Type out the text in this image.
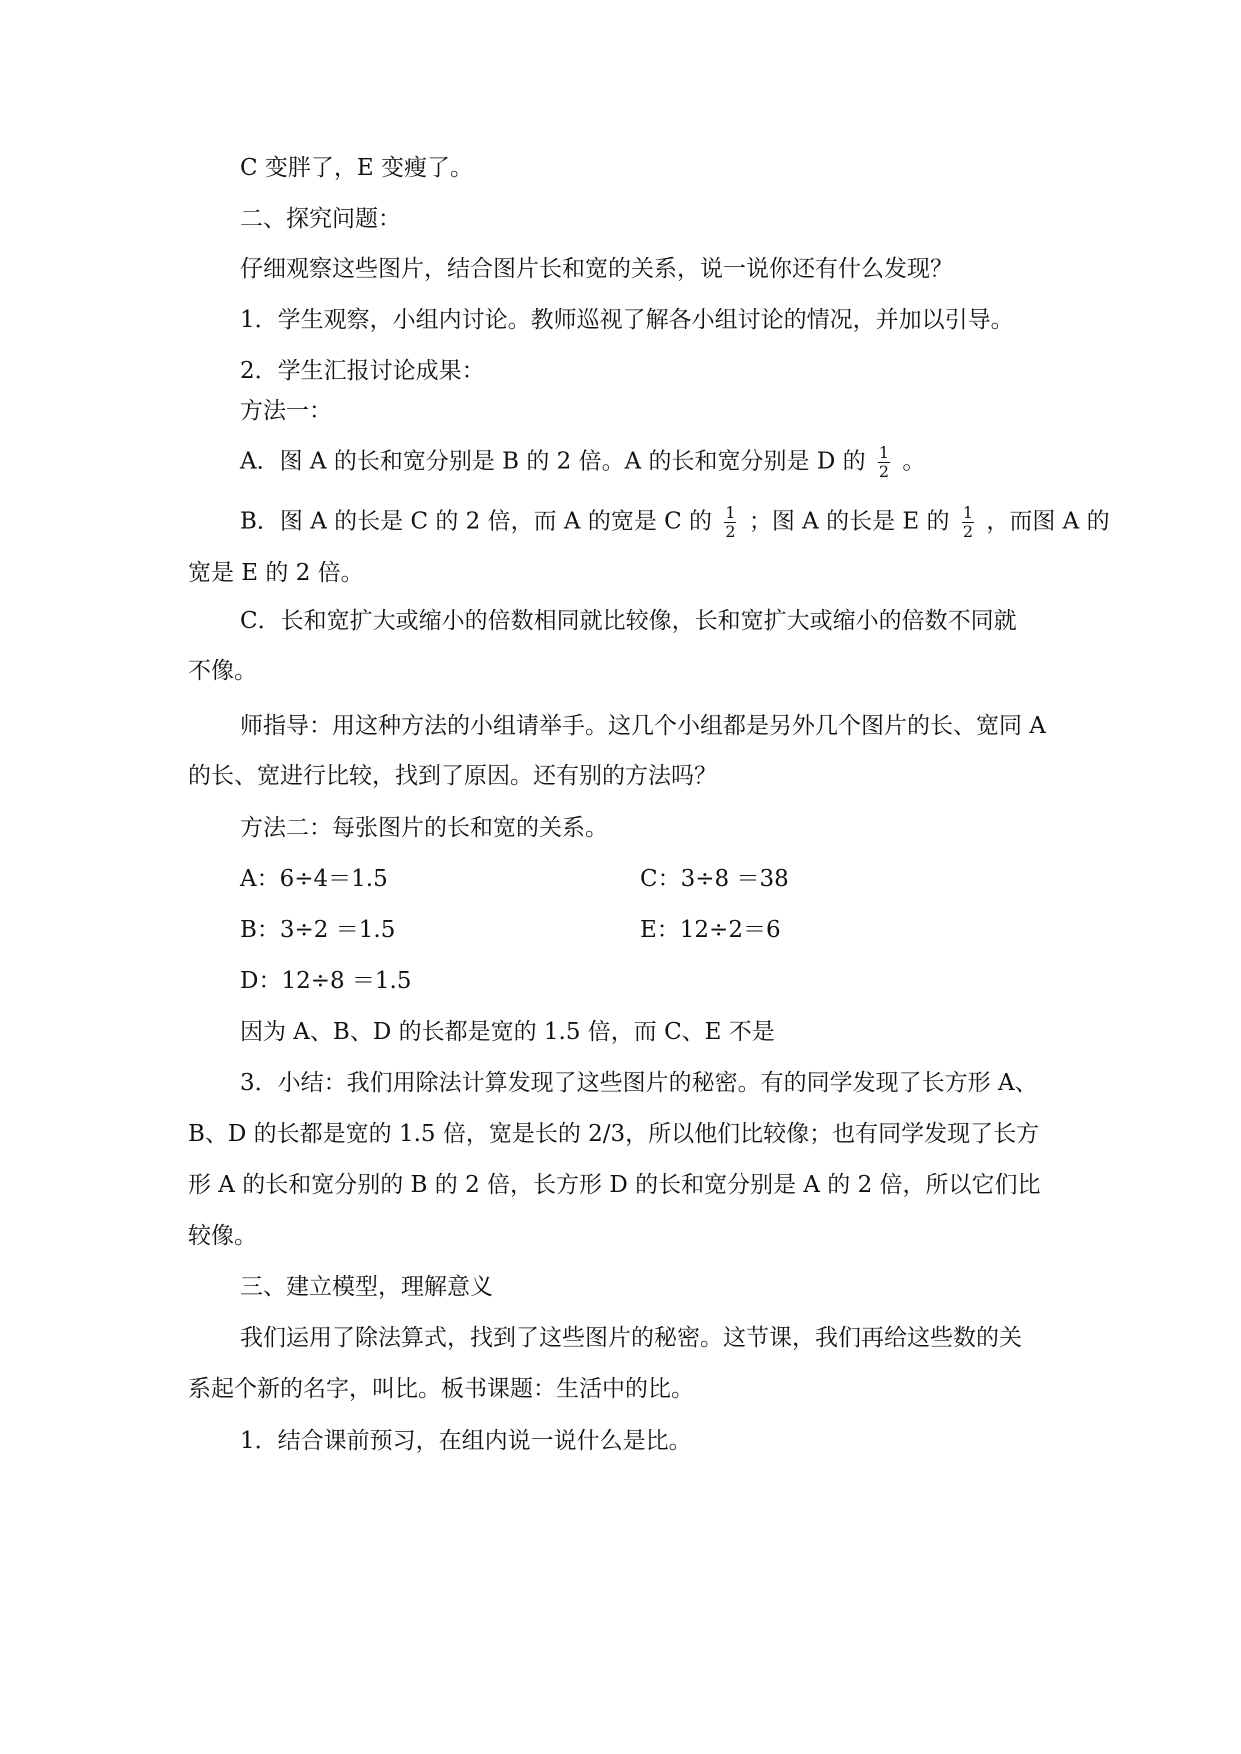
C 变胖了，E 变瘦了。
二、探究问题：
仔细观察这些图片，结合图片长和宽的关系，说一说你还有什么发现？
1．学生观察，小组内讨论。教师巡视了解各小组讨论的情况，并加以引导。
2．学生汇报讨论成果：
方法一：
A．图 A 的长和宽分别是 B 的 2 倍。A 的长和宽分别是 D 的 $\frac{1}{2}$ 。
B．图 A 的长是 C 的 2 倍，而 A 的宽是 C 的 $\frac{1}{2}$ ；图 A 的长是 E 的 $\frac{1}{2}$ ，而图 A 的
宽是 E 的 2 倍。
C．长和宽扩大或缩小的倍数相同就比较像，长和宽扩大或缩小的倍数不同就
不像。
师指导：用这种方法的小组请举手。这几个小组都是另外几个图片的长、宽同 A
的长、宽进行比较，找到了原因。还有别的方法吗？
方法二：每张图片的长和宽的关系。
A：6÷4＝1.5	C：3÷8 ＝38
B：3÷2 ＝1.5	E：12÷2＝6
D：12÷8 ＝1.5
因为 A、B、D 的长都是宽的 1.5 倍，而 C、E 不是
3．小结：我们用除法计算发现了这些图片的秘密。有的同学发现了长方形 A、
B、D 的长都是宽的 1.5 倍，宽是长的 2/3，所以他们比较像；也有同学发现了长方
形 A 的长和宽分别的 B 的 2 倍，长方形 D 的长和宽分别是 A 的 2 倍，所以它们比
较像。
三、建立模型，理解意义
我们运用了除法算式，找到了这些图片的秘密。这节课，我们再给这些数的关
系起个新的名字，叫比。板书课题：生活中的比。
1．结合课前预习，在组内说一说什么是比。
